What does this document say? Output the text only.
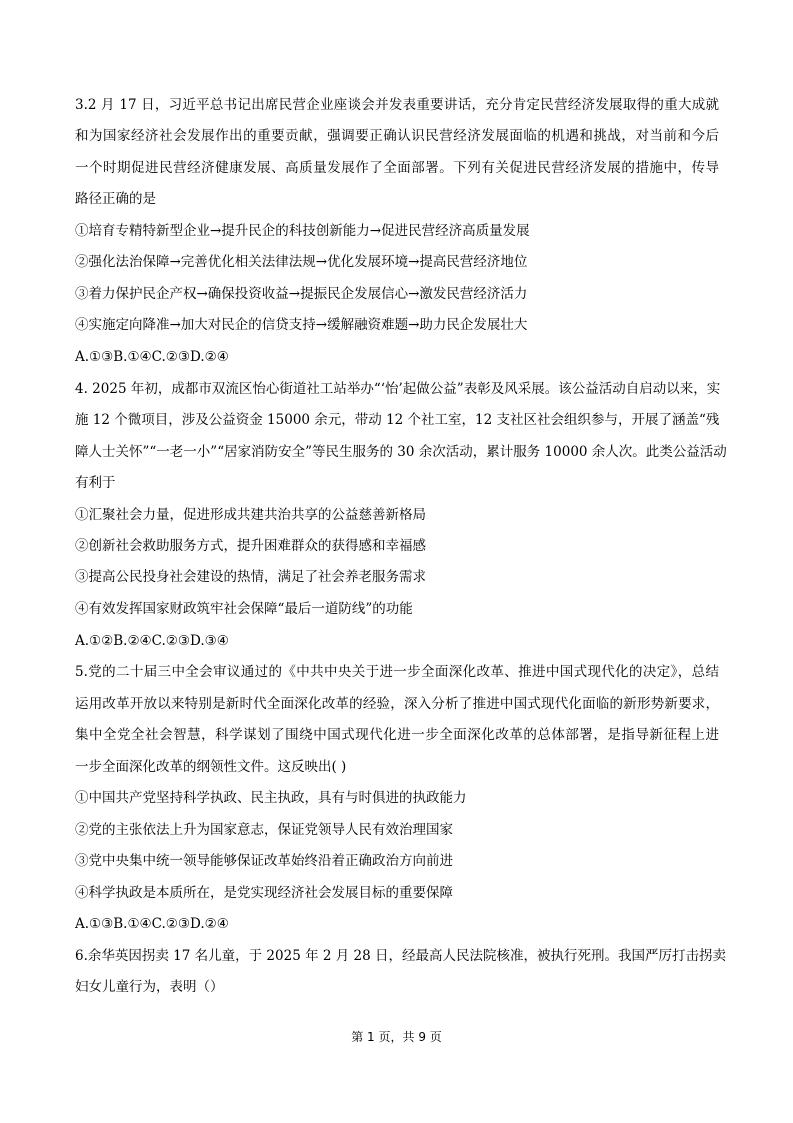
3.2 月 17 日，习近平总书记出席民营企业座谈会并发表重要讲话，充分肯定民营经济发展取得的重大成就
和为国家经济社会发展作出的重要贡献，强调要正确认识民营经济发展面临的机遇和挑战，对当前和今后
一个时期促进民营经济健康发展、高质量发展作了全面部署。下列有关促进民营经济发展的措施中，传导
路径正确的是
①培育专精特新型企业→提升民企的科技创新能力→促进民营经济高质量发展
②强化法治保障→完善优化相关法律法规→优化发展环境→提高民营经济地位
③着力保护民企产权→确保投资收益→提振民企发展信心→激发民营经济活力
④实施定向降准→加大对民企的信贷支持→缓解融资难题→助力民企发展壮大
A.①③B.①④C.②③D.②④
4. 2025 年初，成都市双流区怡心街道社工站举办“‘怡’起做公益”表彰及风采展。该公益活动自启动以来，实
施 12 个微项目，涉及公益资金 15000 余元，带动 12 个社工室，12 支社区社会组织参与，开展了涵盖“残
障人士关怀”“一老一小”“居家消防安全”等民生服务的 30 余次活动，累计服务 10000 余人次。此类公益活动
有利于
①汇聚社会力量，促进形成共建共治共享的公益慈善新格局
②创新社会救助服务方式，提升困难群众的获得感和幸福感
③提高公民投身社会建设的热情，满足了社会养老服务需求
④有效发挥国家财政筑牢社会保障“最后一道防线”的功能
A.①②B.②④C.②③D.③④
5.党的二十届三中全会审议通过的《中共中央关于进一步全面深化改革、推进中国式现代化的决定》，总结
运用改革开放以来特别是新时代全面深化改革的经验，深入分析了推进中国式现代化面临的新形势新要求，
集中全党全社会智慧，科学谋划了围绕中国式现代化进一步全面深化改革的总体部署，是指导新征程上进
一步全面深化改革的纲领性文件。这反映出( )
①中国共产党坚持科学执政、民主执政，具有与时俱进的执政能力
②党的主张依法上升为国家意志，保证党领导人民有效治理国家
③党中央集中统一领导能够保证改革始终沿着正确政治方向前进
④科学执政是本质所在，是党实现经济社会发展目标的重要保障
A.①③B.①④C.②③D.②④
6.余华英因拐卖 17 名儿童，于 2025 年 2 月 28 日，经最高人民法院核准，被执行死刑。我国严厉打击拐卖
妇女儿童行为，表明（）
第 1 页，共 9 页
